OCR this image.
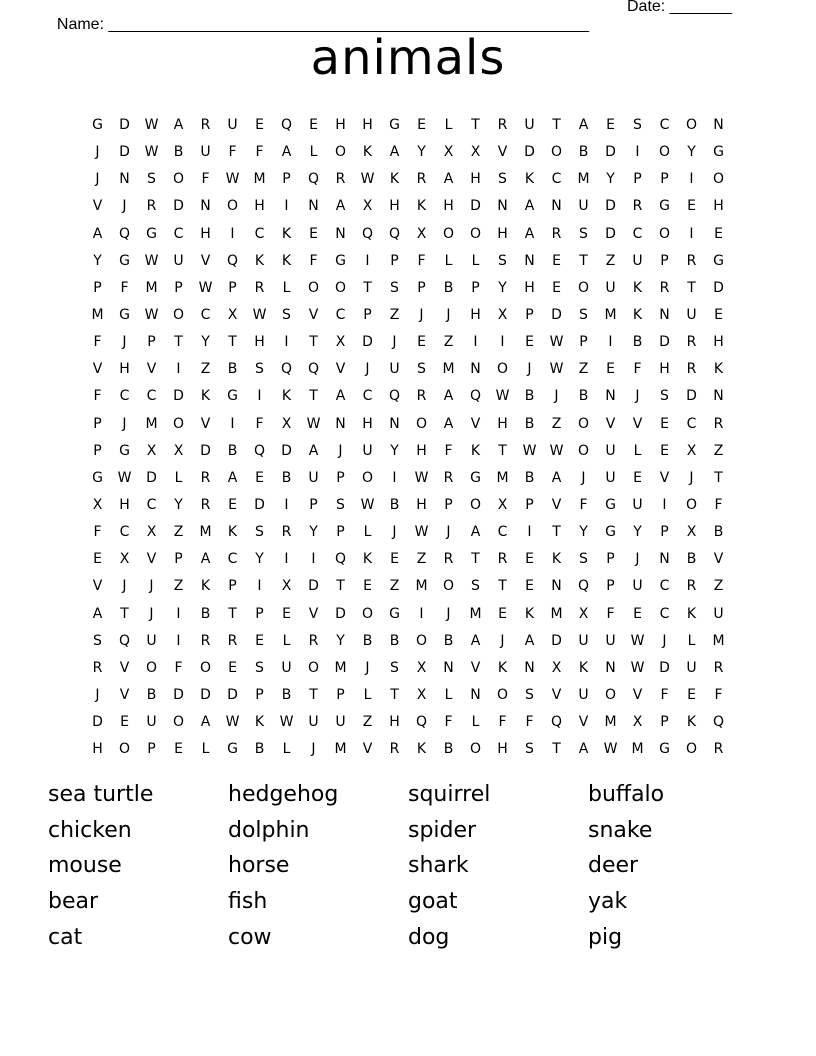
Name: ______________________________________________________

Date: _______

animals
G	D	W	A	R	U	E	Q	E	H	H	G	E	L	T	R	U	T	A	E	S	C	O	N
J	D	W	B	U	F	F	A	L	O	K	A	Y	X	X	V	D	O	B	D	I	O	Y	G
J	N	S	O	F	W	M	P	Q	R	W	K	R	A	H	S	K	C	M	Y	P	P	I	O
V	J	R	D	N	O	H	I	N	A	X	H	K	H	D	N	A	N	U	D	R	G	E	H
A	Q	G	C	H	I	C	K	E	N	Q	Q	X	O	O	H	A	R	S	D	C	O	I	E
Y	G	W	U	V	Q	K	K	F	G	I	P	F	L	L	S	N	E	T	Z	U	P	R	G
P	F	M	P	W	P	R	L	O	O	T	S	P	B	P	Y	H	E	O	U	K	R	T	D
M	G	W	O	C	X	W	S	V	C	P	Z	J	J	H	X	P	D	S	M	K	N	U	E
F	J	P	T	Y	T	H	I	T	X	D	J	E	Z	I	I	E	W	P	I	B	D	R	H
V	H	V	I	Z	B	S	Q	Q	V	J	U	S	M	N	O	J	W	Z	E	F	H	R	K
F	C	C	D	K	G	I	K	T	A	C	Q	R	A	Q	W	B	J	B	N	J	S	D	N
P	J	M	O	V	I	F	X	W	N	H	N	O	A	V	H	B	Z	O	V	V	E	C	R
P	G	X	X	D	B	Q	D	A	J	U	Y	H	F	K	T	W W	O	U	L	E	X	Z
G	W	D	L	R	A	E	B	U	P	O	I	W	R	G	M	B	A	J	U	E	V	J	T
X	H	C	Y	R	E	D	I	P	S	W	B	H	P	O	X	P	V	F	G	U	I	O	F
F	C	X	Z	M	K	S	R	Y	P	L	J	W	J	A	C	I	T	Y	G	Y	P	X	B
E	X	V	P	A	C	Y	I	I	Q	K	E	Z	R	T	R	E	K	S	P	J	N	B	V
V	J	J	Z	K	P	I	X	D	T	E	Z	M	O	S	T	E	N	Q	P	U	C	R	Z
A	T	J	I	B	T	P	E	V	D	O	G	I	J	M	E	K	M	X	F	E	C	K	U
S	Q	U	I	R	R	E	L	R	Y	B	B	O	B	A	J	A	D	U	U	W	J	L	M
R	V	O	F	O	E	S	U	O	M	J	S	X	N	V	K	N	X	K	N	W	D	U	R
J	V	B	D	D	D	P	B	T	P	L	T	X	L	N	O	S	V	U	O	V	F	E	F
D	E	U	O	A	W	K	W	U	U	Z	H	Q	F	L	F	F	Q	V	M	X	P	K	Q
H	O	P	E	L	G	B	L	J	M	V	R	K	B	O	H	S	T	A	W	M	G	O	R
sea turtle	hedgehog	squirrel	buffalo
chicken	dolphin	spider	snake
mouse	horse	shark	deer
bear	fish	goat	yak
cat	cow	dog	pig
